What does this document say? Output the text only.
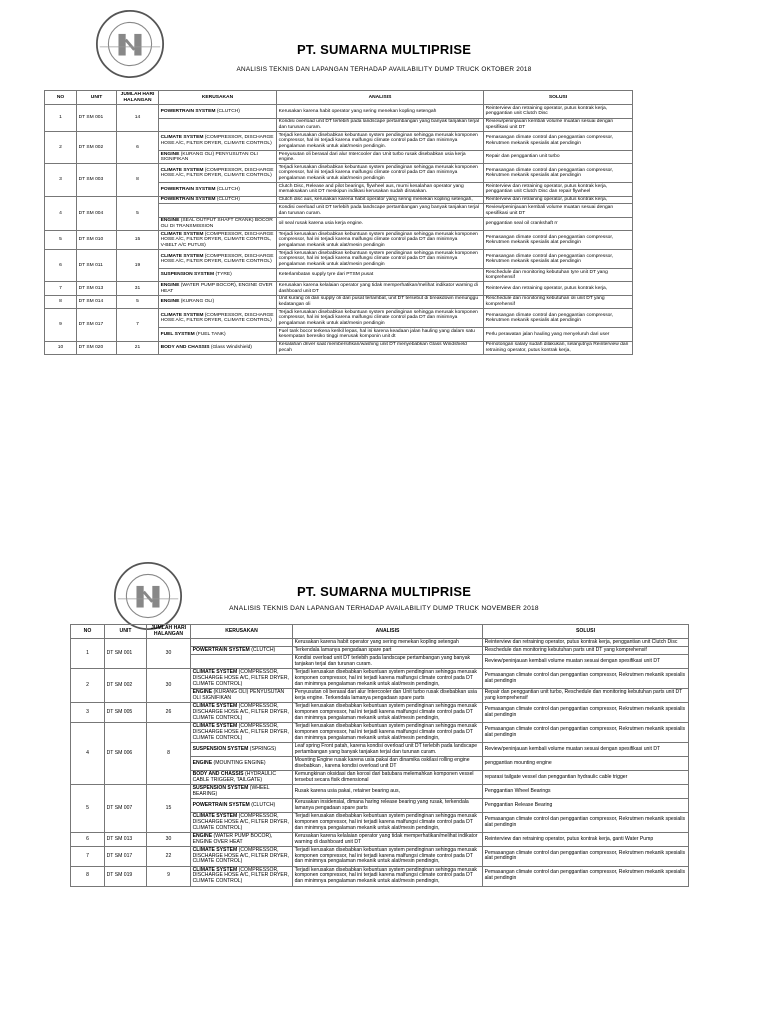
PT. SUMARNA MULTIPRISE
ANALISIS TEKNIS DAN LAPANGAN TERHADAP AVAILABILITY DUMP TRUCK OKTOBER 2018
NO	UNIT	JUMLAH HARI HALANGAN	KERUSAKAN	ANALISIS	SOLUSI
1	DT SM 001	14	POWERTRAIN SYSTEM (CLUTCH)	Kerusakan karena habit operator yang sering menekan kopling setengah	Reinterview dan retraining operator, putus kontrak kerja, penggantian unit Clutch Disc
				Kondisi overload unit DT terlebih pada landscape pertambangan yang banyak tanjakan terjal dan turunan curam.	Review/peninjauan kembali volume muatan sesuai dengan spesifikasi unit DT
2	DT SM 002	6	CLIMATE SYSTEM (COMPRESSOR, DISCHARGE HOSE A/C, FILTER DRYER, CLIMATE CONTROL)	Terjadi kerusakan disebabkan kebuntuan system pendinginan sehingga merusak komponen compressor, hal ini terjadi karena malfungsi climate control pada DT dan minimnya pengalaman mekanik untuk alat/mesin pendingin.	Pemasangan climate control dan penggantian compressor, Rekrutmen mekanik spesialis alat pendingin
			ENGINE (KURANG OLI) PENYUSUTAN OLI SIGNIFIKAN	Penyusutan oli berasal dari alur Intercooler dan Unit turbo rusak disebabkan usia kerja engine.	Repair dan penggantian unit turbo
3	DT SM 003	8	CLIMATE SYSTEM (COMPRESSOR, DISCHARGE HOSE A/C, FILTER DRYER, CLIMATE CONTROL)	Terjadi kerusakan disebabkan kebuntuan system pendinginan sehingga merusak komponen compressor, hal ini terjadi karena malfungsi climate control pada DT dan minimnya pengalaman mekanik untuk alat/mesin pendingin	Pemasangan climate control dan penggantian compressor, Rekrutmen mekanik spesialis alat pendingin
			POWERTRAIN SYSTEM (CLUTCH)	Clutch Disc, Release and pilot bearings, flywheel aus, murni kesalahan operator yang memaksakan unit DT meskipun indikasi kerusakan sudah dirasakan.	Reinterview dan retraining operator, putus kontrak kerja, penggantian unit Clutch Disc dan repair flywheel
4	DT SM 004	5	POWERTRAIN SYSTEM (CLUTCH)	Clutch disc aus, kerusakan karena habit operator yang sering menekan kopling setengah,	Reinterview dan retraining operator, putus kontrak kerja,
				Kondisi overload unit DT terlebih pada landscape pertambangan yang banyak tanjakan terjal dan turunan curam.	Review/peninjauan kembali volume muatan sesuai dengan spesifikasi unit DT
			ENGINE (SEAL OUTPUT SHAFT CRANK) BOCOR OLI DI TRANSMISSION	oil seal rusak karena usia kerja engine.	penggantian seal oil crankshaft rr
5	DT SM 010	15	CLIMATE SYSTEM (COMPRESSOR, DISCHARGE HOSE A/C, FILTER DRYER, CLIMATE CONTROL, V-BELT A/C PUTUS)	Terjadi kerusakan disebabkan kebuntuan system pendinginan sehingga merusak komponen compressor, hal ini terjadi karena malfungsi climate control pada DT dan minimnya pengalaman mekanik untuk alat/mesin pendingin	Pemasangan climate control dan penggantian compressor, Rekrutmen mekanik spesialis alat pendingin
6	DT SM 011	19	CLIMATE SYSTEM (COMPRESSOR, DISCHARGE HOSE A/C, FILTER DRYER, CLIMATE CONTROL)	Terjadi kerusakan disebabkan kebuntuan system pendinginan sehingga merusak komponen compressor, hal ini terjadi karena malfungsi climate control pada DT dan minimnya pengalaman mekanik untuk alat/mesin pendingin	Pemasangan climate control dan penggantian compressor, Rekrutmen mekanik spesialis alat pendingin
			SUSPENSION SYSTEM (TYRE)	Keterlambatan supply tyre dari PTSM pusat	Reschedule dan monitoring kebutuhan tyre unit DT yang komprehensif
7	DT SM 013	31	ENGINE (WATER PUMP BOCOR), ENGINE OVER HEAT	Kerusakan karena kelalaian operator yang tidak memperhatikan/melihat indikator warning di dashboard unit DT	Reinterview dan retraining operator, putus kontrak kerja,
8	DT SM 014	5	ENGINE (KURANG OLI)	Unit kurang oli dan supply oli dari pusat terlambat, unit DT tersebut di breakdown menunggu kedatangan oli	Reschedule dan monitoring kebutuhan oli unit DT yang komprehensif
9	DT SM 017	7	CLIMATE SYSTEM (COMPRESSOR, DISCHARGE HOSE A/C, FILTER DRYER, CLIMATE CONTROL)	Terjadi kerusakan disebabkan kebuntuan system pendinginan sehingga merusak komponen compressor, hal ini terjadi karena malfungsi climate control pada DT dan minimnya pengalaman mekanik untuk alat/mesin pendingin	Pemasangan climate control dan penggantian compressor, Rekrutmen mekanik spesialis alat pendingin
			FUEL SYSTEM (FUEL TANK)	Fuel tank bocor terkena kerikil lepas, hal ini karena keadaan jalan hauling yang dalam satu kesempatan beresiko tinggi merusak komponin unit dt	Perlu perawatan jalan hauling yang menyeluruh dari user
10	DT SM 020	21	BODY AND CHASSIS (Glass Windshield)	Kesalahan driver saat membersihkan/washing unit DT menyebabkan Glass Windshield pecah	Pemotongan salary sudah dilakukan, selanjutnya Reinterview dan retraining operator, putus kontrak kerja,
PT. SUMARNA MULTIPRISE
ANALISIS TEKNIS DAN LAPANGAN TERHADAP AVAILABILITY DUMP TRUCK NOVEMBER 2018
NO	UNIT	JUMLAH HARI HALANGAN	KERUSAKAN	ANALISIS	SOLUSI
1	DT SM 001	30		Kerusakan karena habit operator yang sering menekan kopling setengah	Reinterview dan retraining operator, putus kontrak kerja, penggantian unit Clutch Disc
			POWERTRAIN SYSTEM (CLUTCH)	Terkendala lamanya pengadaan spare part	Reschedule dan monitoring kebutuhan parts unit DT yang komprehensif
				Kondisi overload unit DT terlebih pada landscape pertambangan yang banyak tanjakan terjal dan turunan curam.	Review/peninjauan kembali volume muatan sesuai dengan spesifikasi unit DT
2	DT SM 002	30	CLIMATE SYSTEM (COMPRESSOR, DISCHARGE HOSE A/C, FILTER DRYER, CLIMATE CONTROL)	Terjadi kerusakan disebabkan kebuntuan system pendinginan sehingga merusak komponen compressor, hal ini terjadi karena malfungsi climate control pada DT dan minimnya pengalaman mekanik untuk alat/mesin pendingin,	Pemasangan climate control dan penggantian compressor, Rekrutmen mekanik spesialis alat pendingin
			ENGINE (KURANG OLI) PENYUSUTAN OLI SIGNIFIKAN	Penyusutan oli berasal dari alur Intercooler dan Unit turbo rusak disebabkan usia kerja engine. Terkendala lamanya pengadaan spare parts	Repair dan penggantian unit turbo, Reschedule dan monitoring kebutuhan parts unit DT yang komprehensif
3	DT SM 005	26	CLIMATE SYSTEM (COMPRESSOR, DISCHARGE HOSE A/C, FILTER DRYER, CLIMATE CONTROL)	Terjadi kerusakan disebabkan kebuntuan system pendinginan sehingga merusak komponen compressor, hal ini terjadi karena malfungsi climate control pada DT dan minimnya pengalaman mekanik untuk alat/mesin pendingin,	Pemasangan climate control dan penggantian compressor, Rekrutmen mekanik spesialis alat pendingin
4	DT SM 006	8	CLIMATE SYSTEM (COMPRESSOR, DISCHARGE HOSE A/C, FILTER DRYER, CLIMATE CONTROL)	Terjadi kerusakan disebabkan kebuntuan system pendinginan sehingga merusak komponen compressor, hal ini terjadi karena malfungsi climate control pada DT dan minimnya pengalaman mekanik untuk alat/mesin pendingin,	Pemasangan climate control dan penggantian compressor, Rekrutmen mekanik spesialis alat pendingin
			SUSPENSION SYSTEM (SPRINGS)	Leaf spring Front patah, karena kondisi overload unit DT terlebih pada landscape pertambangan yang banyak tanjakan terjal dan turunan curam.	Review/peninjauan kembali volume muatan sesuai dengan spesifikasi unit DT
			ENGINE (MOUNTING ENGINE)	Mounting Engine rusak karena usia pakai dan dinamika oskilasi rolling engine disebabkan , karena kondisi overload unit DT	penggantian mounting engine
			BODY AND CHASSIS (HYDRAULIC CABLE TRIGGER, TAILGATE)	Kemungkinan oksidasi dan korosi dari batubara melemahkan komponen vessel tersebut secara fisik dimensional	reparasi tailgate vessel dan penggantian hydraulic cable trigger
5	DT SM 007	15	SUSPENSION SYSTEM (WHEEL BEARING)	Rusak karena usia pakai, retainer bearing aus,	Penggantian Wheel Bearings
			POWERTRAIN SYSTEM (CLUTCH)	Kerusakan insidensial, dimana haring release bearing yang rusak, terkendala lamanya pengadaan spare parts	Penggantian Release Bearing
			CLIMATE SYSTEM (COMPRESSOR, DISCHARGE HOSE A/C, FILTER DRYER, CLIMATE CONTROL)	Terjadi kerusakan disebabkan kebuntuan system pendinginan sehingga merusak komponen compressor, hal ini terjadi karena malfungsi climate control pada DT dan minimnya pengalaman mekanik untuk alat/mesin pendingin,	Pemasangan climate control dan penggantian compressor, Rekrutmen mekanik spesialis alat pendingin
6	DT SM 013	30	ENGINE (WATER PUMP BOCOR), ENGINE OVER HEAT	Kerusakan karena kelalaian operator yang tidak memperhatikan/melihat indikator warning di dashboard unit DT	Reinterview dan retraining operator, putus kontrak kerja, ganti Water Pump
7	DT SM 017	22	CLIMATE SYSTEM (COMPRESSOR, DISCHARGE HOSE A/C, FILTER DRYER, CLIMATE CONTROL)	Terjadi kerusakan disebabkan kebuntuan system pendinginan sehingga merusak komponen compressor, hal ini terjadi karena malfungsi climate control pada DT dan minimnya pengalaman mekanik untuk alat/mesin pendingin,	Pemasangan climate control dan penggantian compressor, Rekrutmen mekanik spesialis alat pendingin
8	DT SM 019	9	CLIMATE SYSTEM (COMPRESSOR, DISCHARGE HOSE A/C, FILTER DRYER, CLIMATE CONTROL)	Terjadi kerusakan disebabkan kebuntuan system pendinginan sehingga merusak komponen compressor, hal ini terjadi karena malfungsi climate control pada DT dan minimnya pengalaman mekanik untuk alat/mesin pendingin,	Pemasangan climate control dan penggantian compressor, Rekrutmen mekanik spesialis alat pendingin
